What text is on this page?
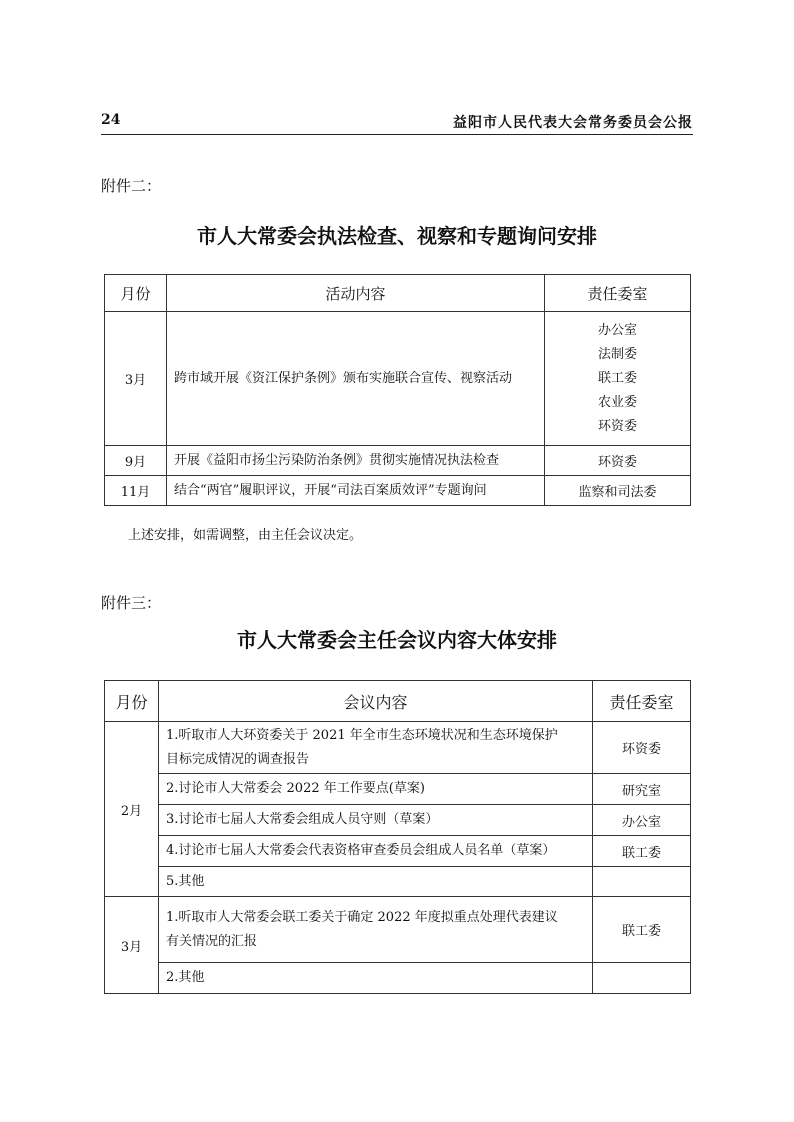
24	益阳市人民代表大会常务委员会公报
附件二：
市人大常委会执法检查、视察和专题询问安排
月份	活动内容	责任委室
3月	跨市域开展《资江保护条例》颁布实施联合宣传、视察活动	办公室
法制委
联工委
农业委
环资委

9月	开展《益阳市扬尘污染防治条例》贯彻实施情况执法检查	环资委
11月	结合“两官”履职评议，开展“司法百案质效评”专题询问	监察和司法委
上述安排，如需调整，由主任会议决定。
附件三：
市人大常委会主任会议内容大体安排
月份	会议内容	责任委室
2月	1.听取市人大环资委关于 2021 年全市生态环境状况和生态环境保护
目标完成情况的调查报告	环资委
	2.讨论市人大常委会 2022 年工作要点(草案)	研究室
	3.讨论市七届人大常委会组成人员守则（草案）	办公室
	4.讨论市七届人大常委会代表资格审查委员会组成人员名单（草案）	联工委
	5.其他	
3月	1.听取市人大常委会联工委关于确定 2022 年度拟重点处理代表建议
有关情况的汇报	联工委
	2.其他	
